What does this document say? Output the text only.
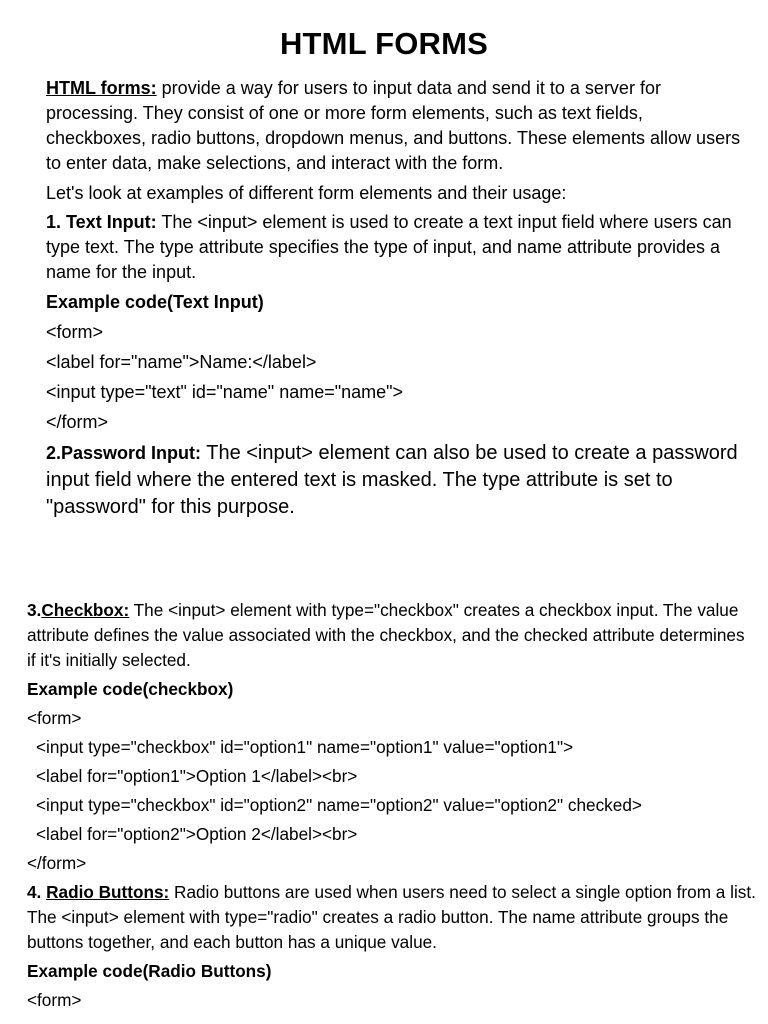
HTML FORMS

HTML forms: provide a way for users to input data and send it to a server for processing. They consist of one or more form elements, such as text fields, checkboxes, radio buttons, dropdown menus, and buttons. These elements allow users to enter data, make selections, and interact with the form.

Let's look at examples of different form elements and their usage:

1. Text Input: The <input> element is used to create a text input field where users can type text. The type attribute specifies the type of input, and name attribute provides a name for the input.

Example code(Text Input)

<form>

<label for="name">Name:</label>

<input type="text" id="name" name="name">

</form>

2.Password Input: The <input> element can also be used to create a password input field where the entered text is masked. The type attribute is set to "password" for this purpose.

3.Checkbox: The <input> element with type="checkbox" creates a checkbox input. The value attribute defines the value associated with the checkbox, and the checked attribute determines if it's initially selected.

Example code(checkbox)

<form>

<input type="checkbox" id="option1" name="option1" value="option1">

<label for="option1">Option 1</label><br>

<input type="checkbox" id="option2" name="option2" value="option2" checked>

<label for="option2">Option 2</label><br>

</form>

4. Radio Buttons: Radio buttons are used when users need to select a single option from a list. The <input> element with type="radio" creates a radio button. The name attribute groups the buttons together, and each button has a unique value.

Example code(Radio Buttons)

<form>
